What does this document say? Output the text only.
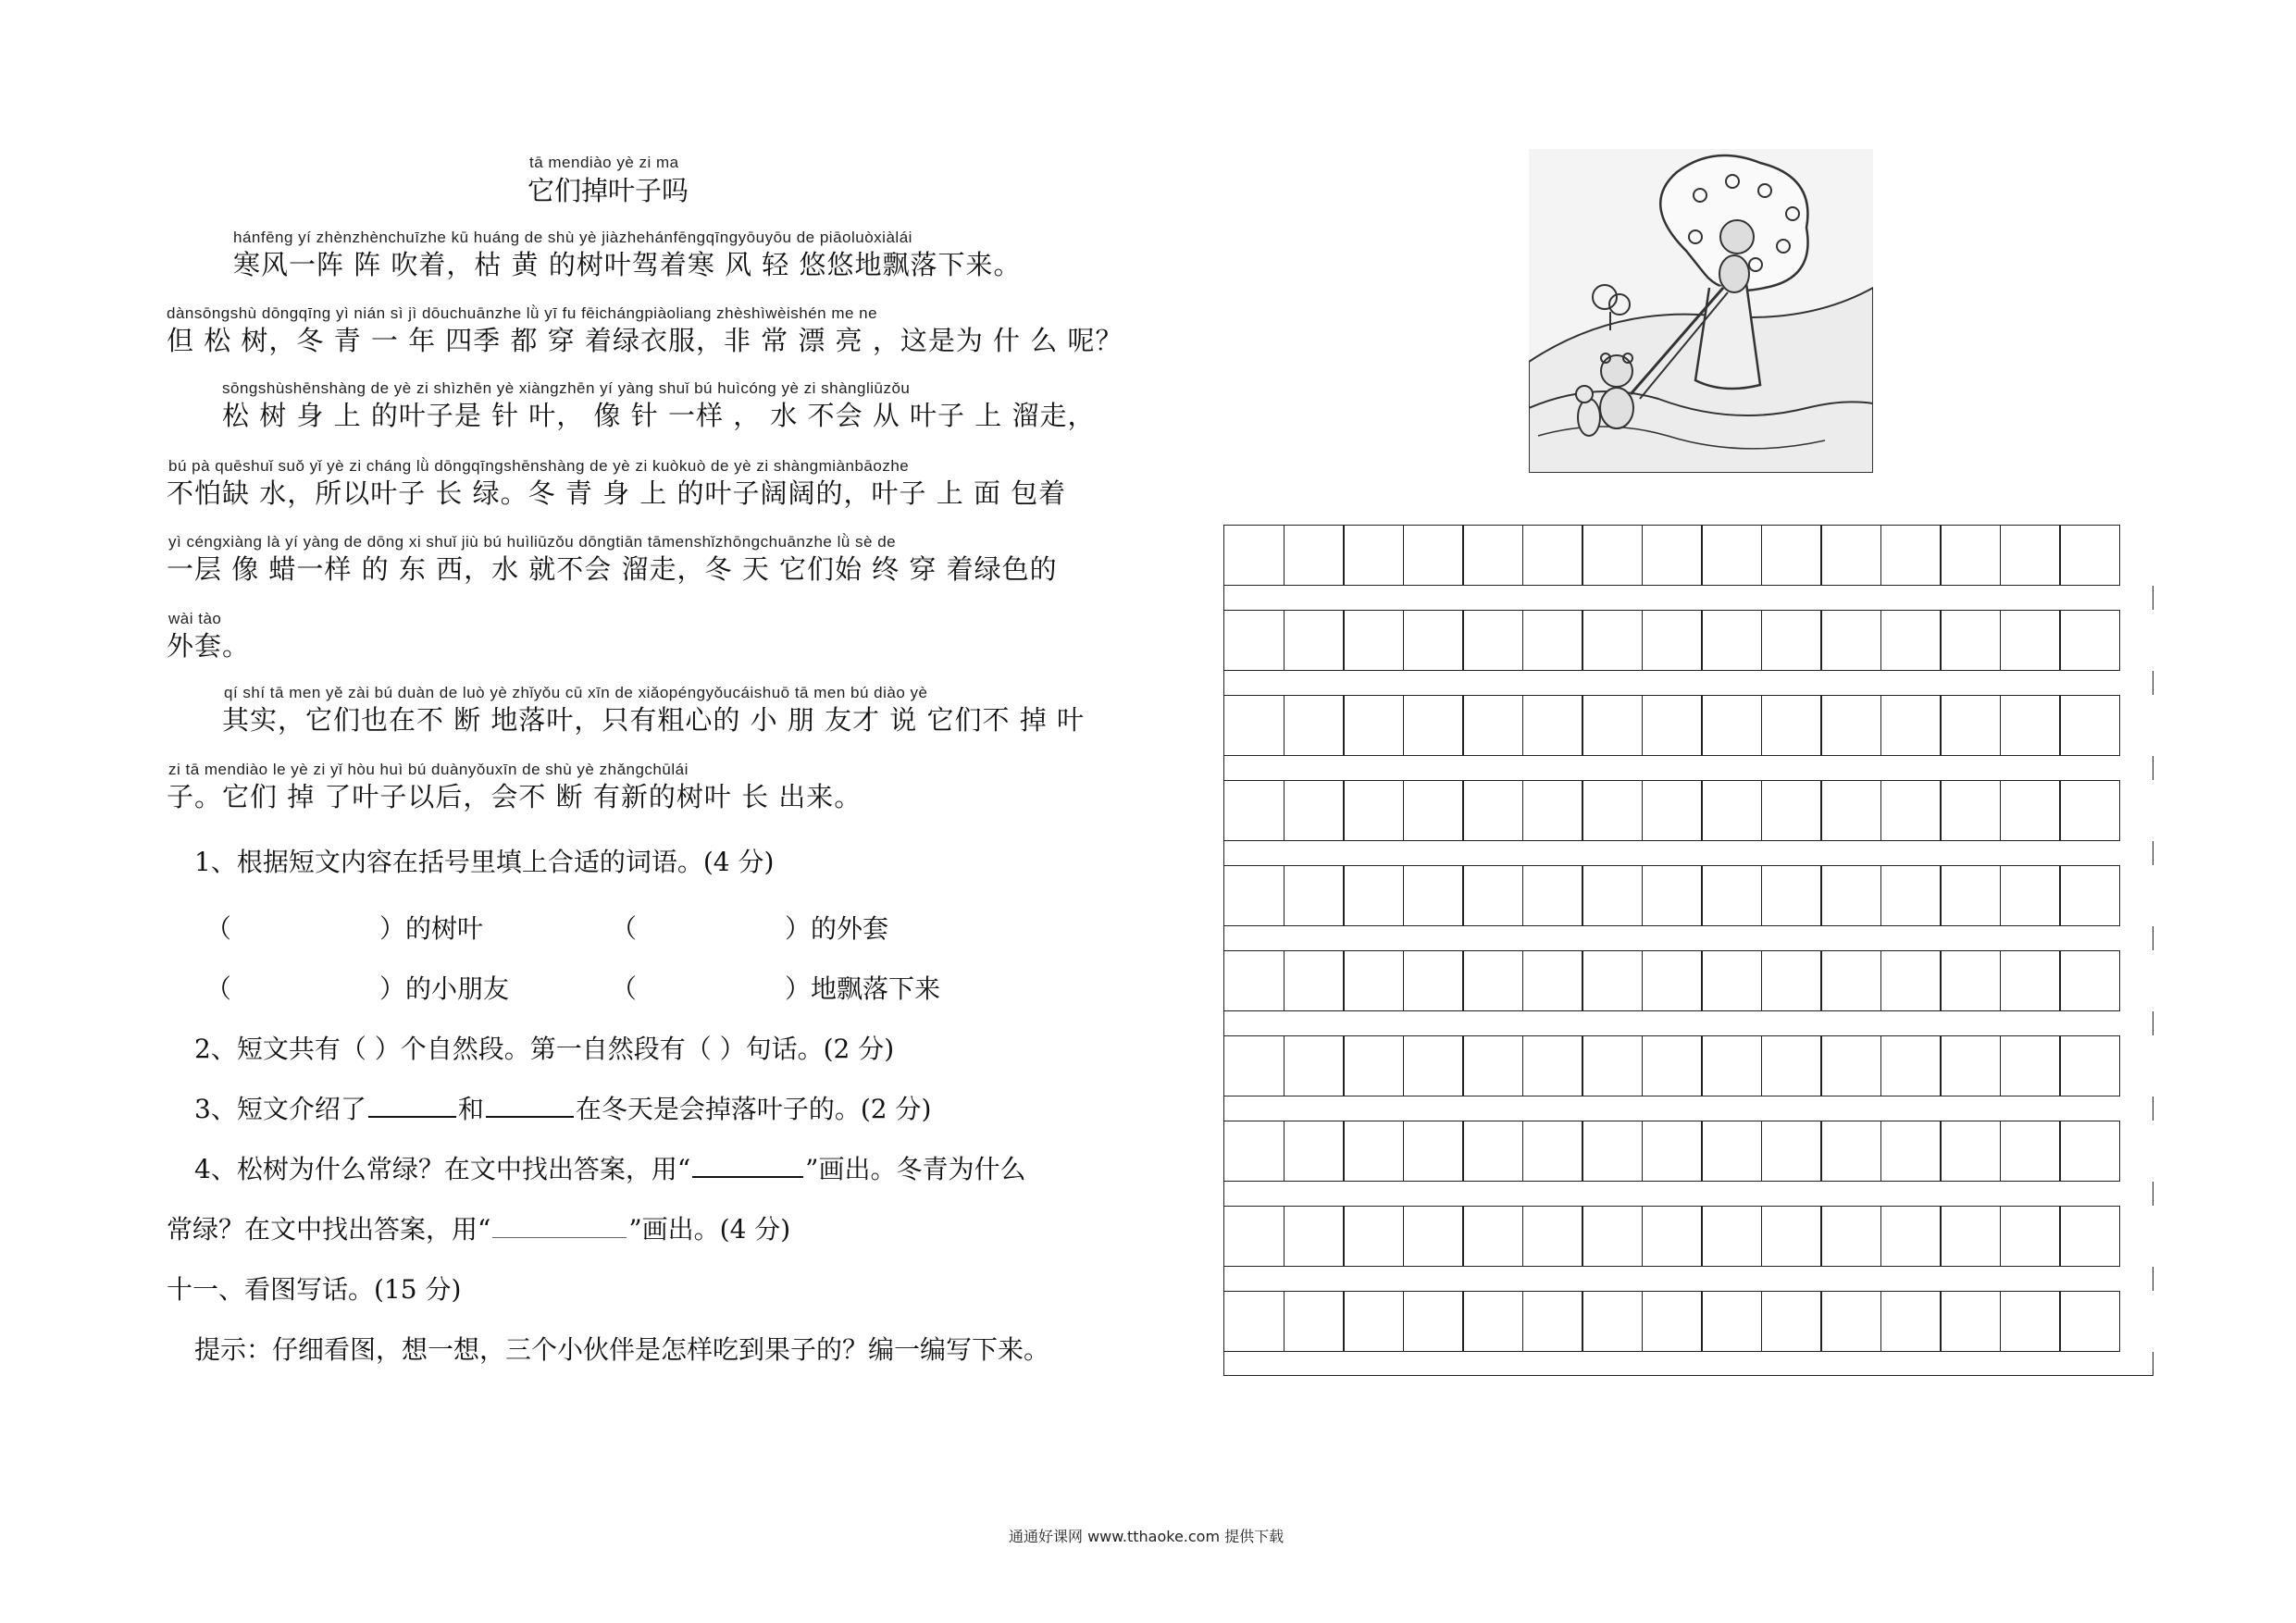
tā mendiào yè zi ma
它们掉叶子吗
hánfēng yí zhènzhènchuīzhe kū huáng de shù yè jiàzhehánfēngqīngyōuyōu de piāoluòxiàlái
寒风一阵 阵 吹着，枯 黄 的树叶驾着寒 风 轻 悠悠地飘落下来。
dànsōngshù dōngqīng yì nián sì jì dōuchuānzhe lǜ yī fu fēichángpiàoliang zhèshìwèishén me ne
但 松 树，冬 青 一 年 四季 都 穿 着绿衣服，非 常 漂 亮 ，这是为 什 么 呢？
sōngshùshēnshàng de yè zi shìzhēn yè xiàngzhēn yí yàng shuǐ bú huìcóng yè zi shàngliūzǒu
松 树 身 上 的叶子是 针 叶， 像 针 一样 ， 水 不会 从 叶子 上 溜走，
bú pà quēshuǐ suǒ yǐ yè zi cháng lǜ dōngqīngshēnshàng de yè zi kuòkuò de yè zi shàngmiànbāozhe
不怕缺 水，所以叶子 长 绿。冬 青 身 上 的叶子阔阔的，叶子 上 面 包着
yì céngxiàng là yí yàng de dōng xi shuǐ jiù bú huìliūzǒu dōngtiān tāmenshǐzhōngchuānzhe lǜ sè de
一层 像 蜡一样 的 东 西，水 就不会 溜走，冬 天 它们始 终 穿 着绿色的
wài tào
外套。
qí shí tā men yě zài bú duàn de luò yè zhǐyǒu cū xīn de xiǎopéngyǒucáishuō tā men bú diào yè
其实，它们也在不 断 地落叶，只有粗心的 小 朋 友才 说 它们不 掉 叶
zi tā mendiào le yè zi yǐ hòu huì bú duànyǒuxīn de shù yè zhǎngchūlái
子。它们 掉 了叶子以后，会不 断 有新的树叶 长 出来。
1、根据短文内容在括号里填上合适的词语。(4 分)
（	）的树叶	（	）的外套
（	）的小朋友	（	）地飘落下来
2、短文共有（ ）个自然段。第一自然段有（ ）句话。(2 分)
3、短文介绍了	和	在冬天是会掉落叶子的。(2 分)
4、松树为什么常绿？在文中找出答案，用“	”画出。冬青为什么
常绿？在文中找出答案，用“	”画出。(4 分)
十一、看图写话。(15 分)
提示：仔细看图，想一想，三个小伙伴是怎样吃到果子的？编一编写下来。
通通好课网 www.tthaoke.com 提供下载
